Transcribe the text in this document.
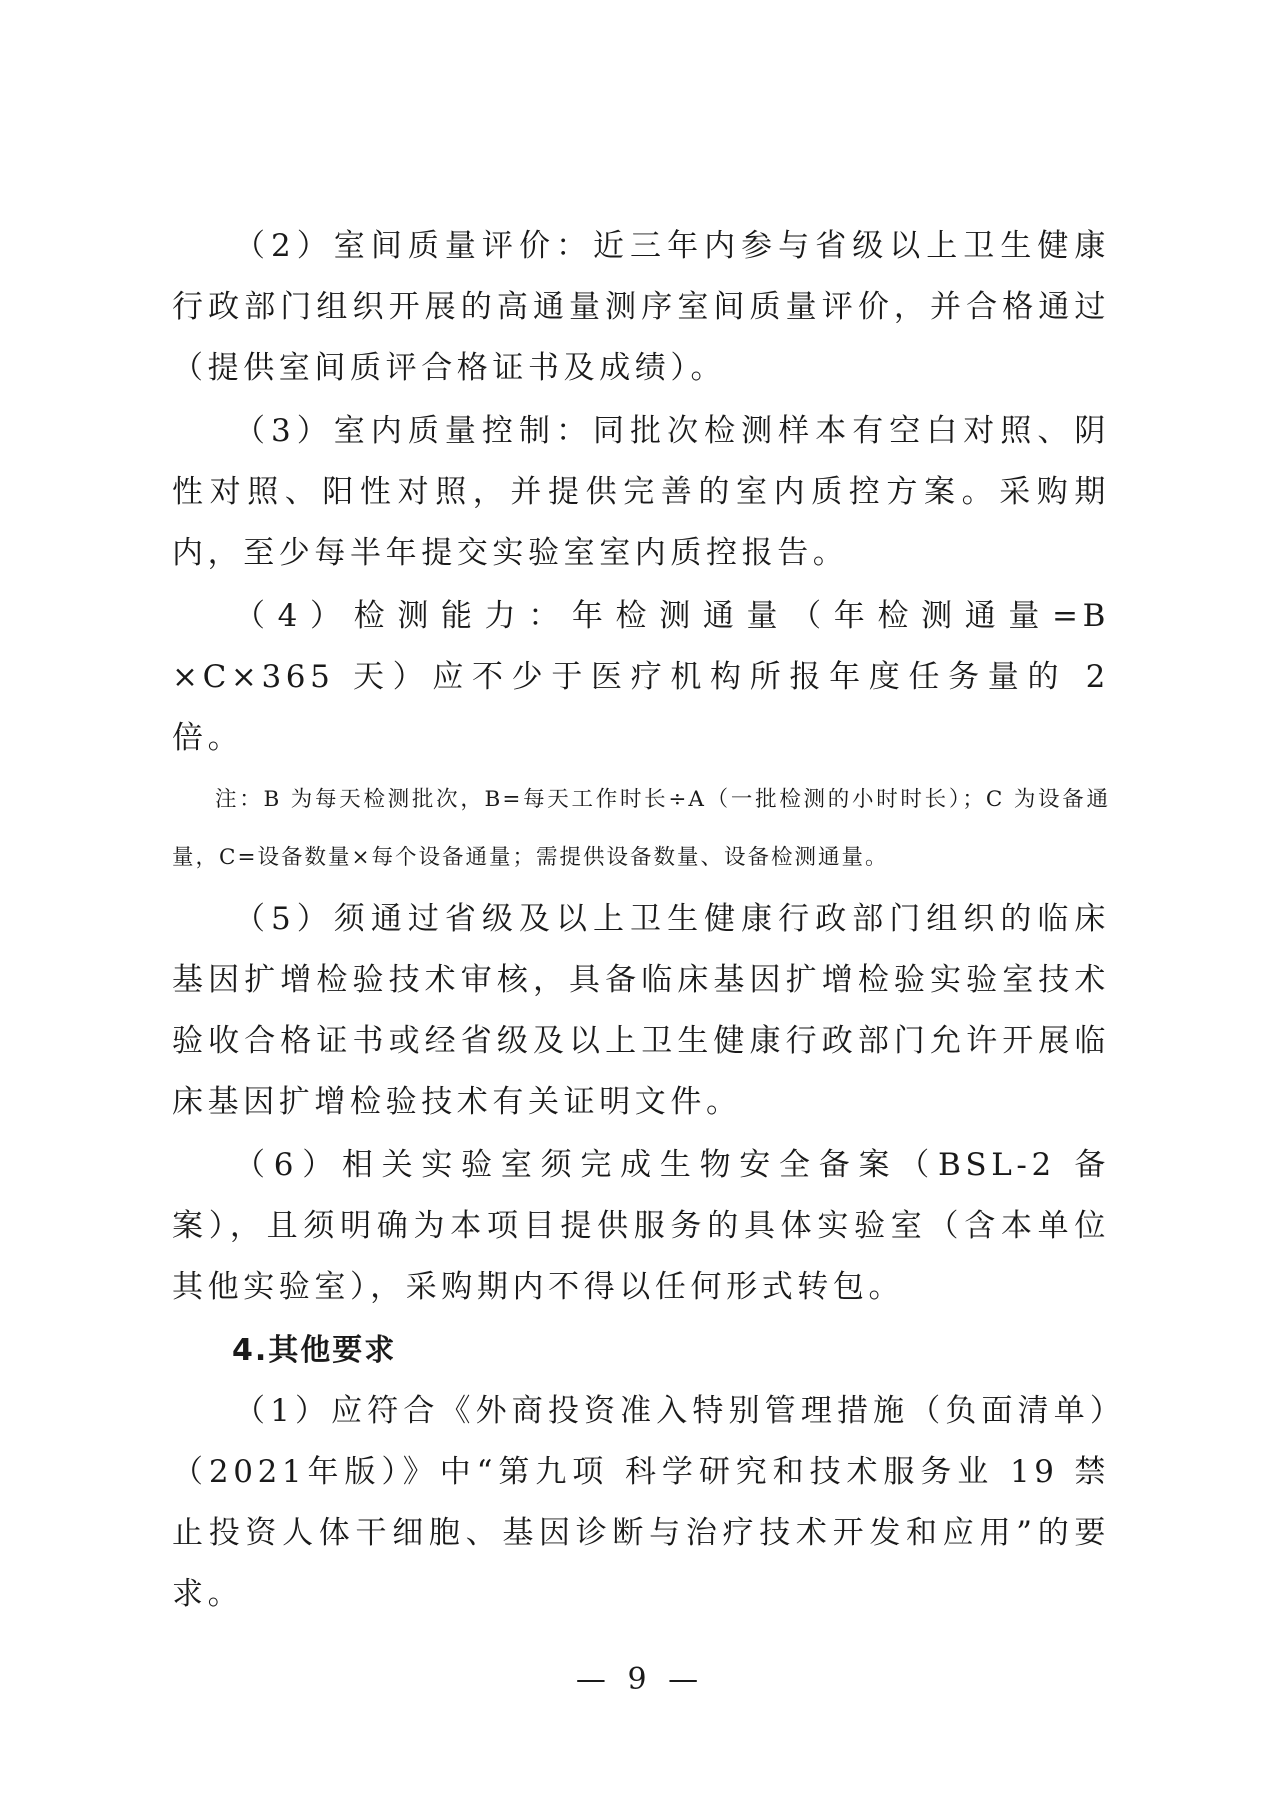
（2）室间质量评价：近三年内参与省级以上卫生健康行政部门组织开展的高通量测序室间质量评价，并合格通过（提供室间质评合格证书及成绩）。

（3）室内质量控制：同批次检测样本有空白对照、阴性对照、阳性对照，并提供完善的室内质控方案。采购期内，至少每半年提交实验室室内质控报告。

（4）检测能力：年检测通量（年检测通量=B ×C×365 天）应不少于医疗机构所报年度任务量的 2 倍。

注：B 为每天检测批次，B=每天工作时长÷A（一批检测的小时时长）；C 为设备通量，C=设备数量×每个设备通量；需提供设备数量、设备检测通量。

（5）须通过省级及以上卫生健康行政部门组织的临床基因扩增检验技术审核，具备临床基因扩增检验实验室技术验收合格证书或经省级及以上卫生健康行政部门允许开展临床基因扩增检验技术有关证明文件。

（6）相关实验室须完成生物安全备案（BSL-2 备案），且须明确为本项目提供服务的具体实验室（含本单位其他实验室），采购期内不得以任何形式转包。

4.其他要求

（1）应符合《外商投资准入特别管理措施（负面清单）（2021年版）》中“第九项 科学研究和技术服务业 19 禁止投资人体干细胞、基因诊断与治疗技术开发和应用”的要求。

— 9 —
